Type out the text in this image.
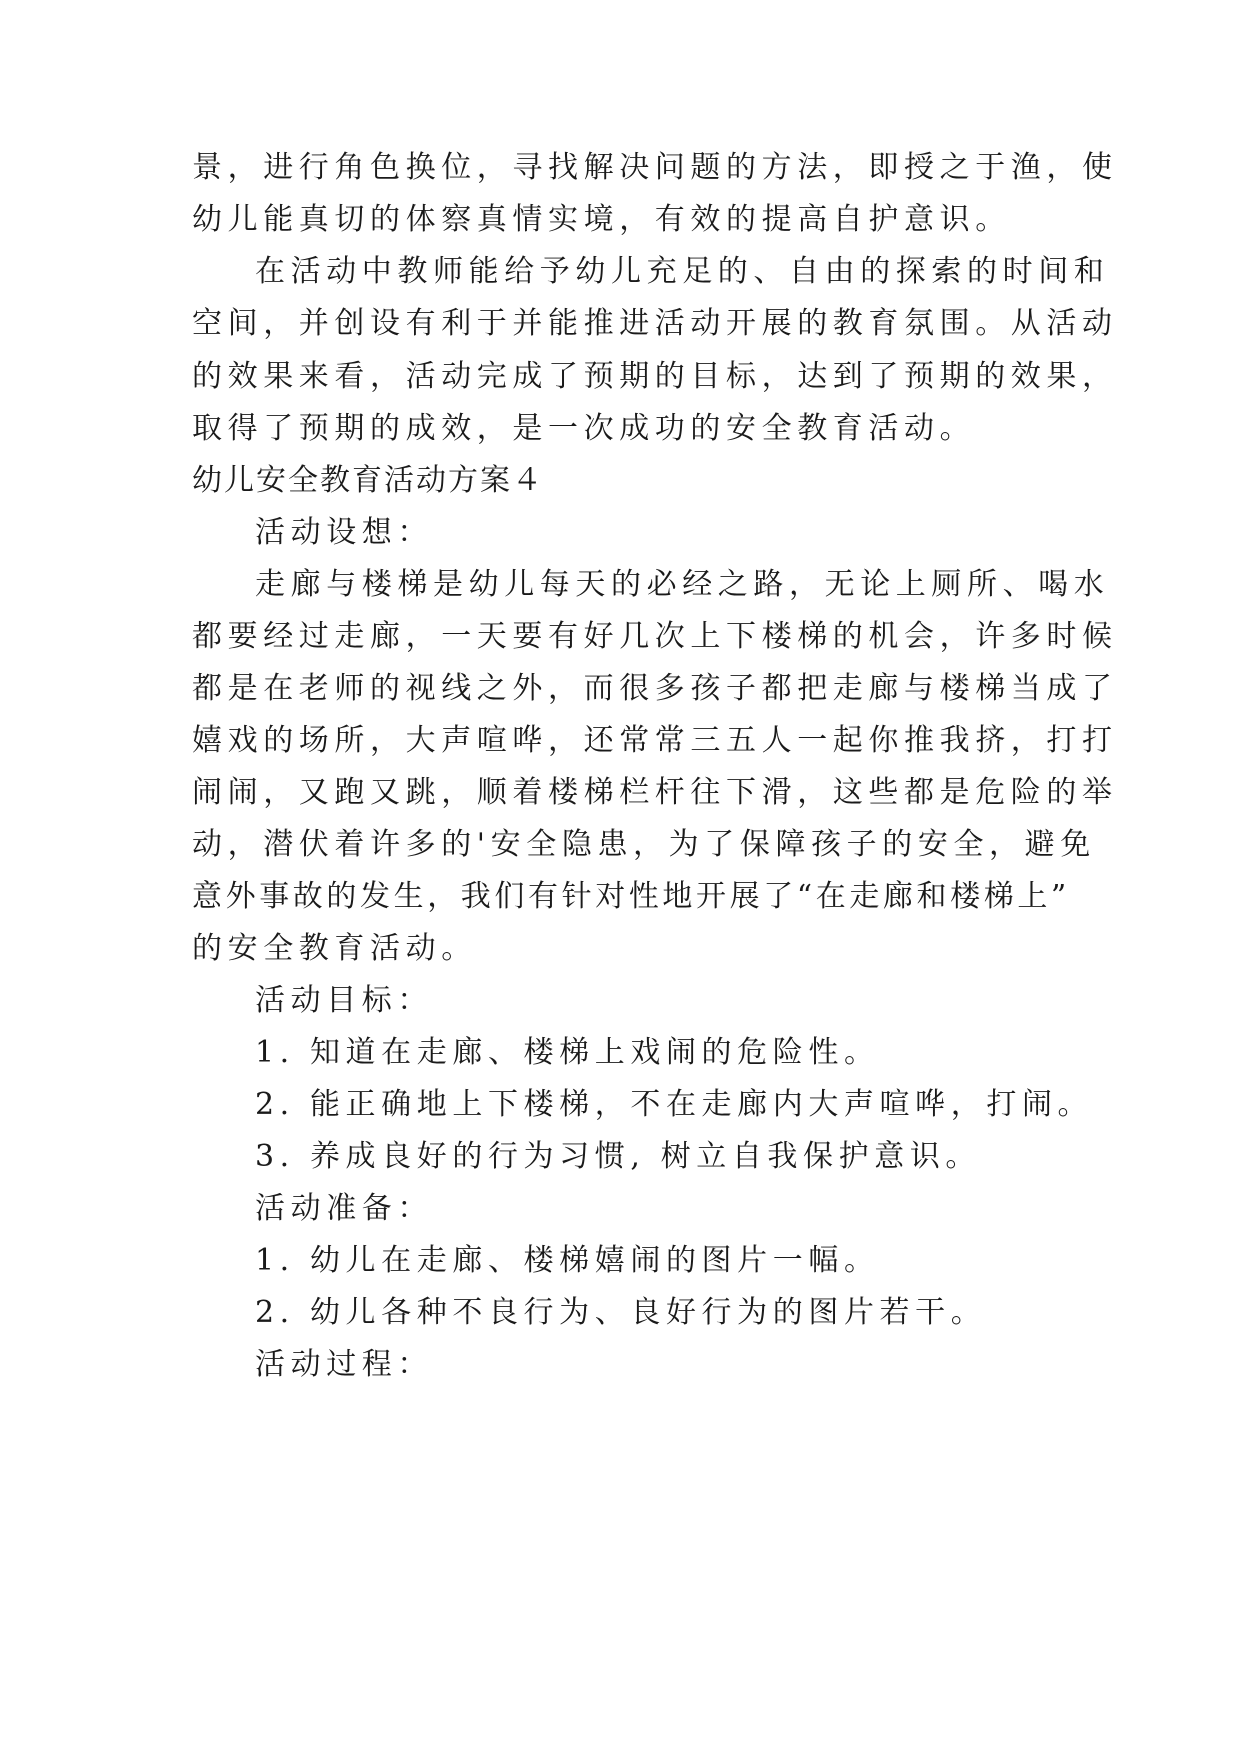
景，进行角色换位，寻找解决问题的方法，即授之于渔，使
幼儿能真切的体察真情实境，有效的提高自护意识。
在活动中教师能给予幼儿充足的、自由的探索的时间和
空间，并创设有利于并能推进活动开展的教育氛围。从活动
的效果来看，活动完成了预期的目标，达到了预期的效果，
取得了预期的成效，是一次成功的安全教育活动。
幼儿安全教育活动方案４
活动设想：
走廊与楼梯是幼儿每天的必经之路，无论上厕所、喝水
都要经过走廊，一天要有好几次上下楼梯的机会，许多时候
都是在老师的视线之外，而很多孩子都把走廊与楼梯当成了
嬉戏的场所，大声喧哗，还常常三五人一起你推我挤，打打
闹闹，又跑又跳，顺着楼梯栏杆往下滑，这些都是危险的举
动，潜伏着许多的'安全隐患，为了保障孩子的安全，避免
意外事故的发生，我们有针对性地开展了“在走廊和楼梯上”
的安全教育活动。
活动目标：
1. 知道在走廊、楼梯上戏闹的危险性。
2. 能正确地上下楼梯，不在走廊内大声喧哗，打闹。
3. 养成良好的行为习惯, 树立自我保护意识。
活动准备：
1. 幼儿在走廊、楼梯嬉闹的图片一幅。
2. 幼儿各种不良行为、良好行为的图片若干。
活动过程：
